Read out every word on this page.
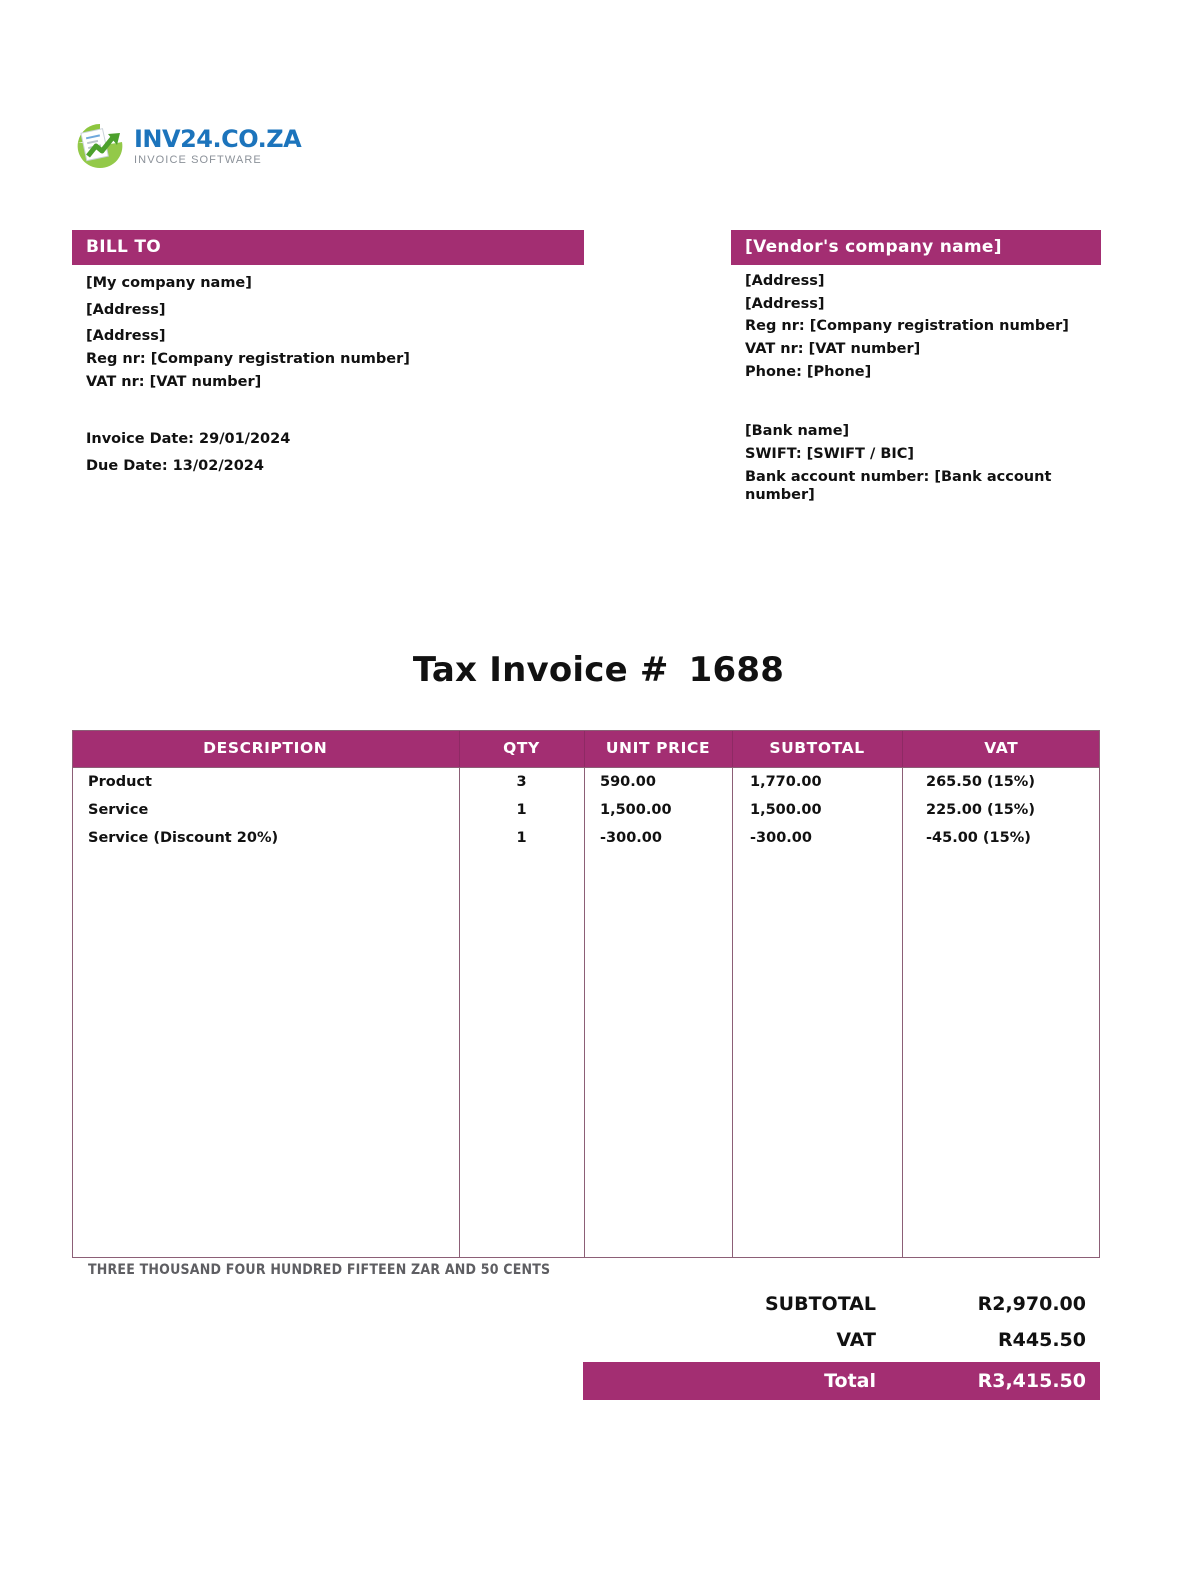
INV24.CO.ZA
INVOICE SOFTWARE
BILL TO
[My company name]
[Address]
[Address]
Reg nr: [Company registration number]
VAT nr: [VAT number]
Invoice Date: 29/01/2024
Due Date: 13/02/2024
[Vendor's company name]
[Address]
[Address]
Reg nr: [Company registration number]
VAT nr: [VAT number]
Phone: [Phone]
[Bank name]
SWIFT: [SWIFT / BIC]
Bank account number: [Bank account number]
Tax Invoice # 1688
DESCRIPTION	QTY	UNIT PRICE	SUBTOTAL	VAT
Product	3	590.00	1,770.00	265.50 (15%)
Service	1	1,500.00	1,500.00	225.00 (15%)
Service (Discount 20%)	1	-300.00	-300.00	-45.00 (15%)
THREE THOUSAND FOUR HUNDRED FIFTEEN ZAR AND 50 CENTS
SUBTOTAL	R2,970.00
VAT	R445.50
Total	R3,415.50
